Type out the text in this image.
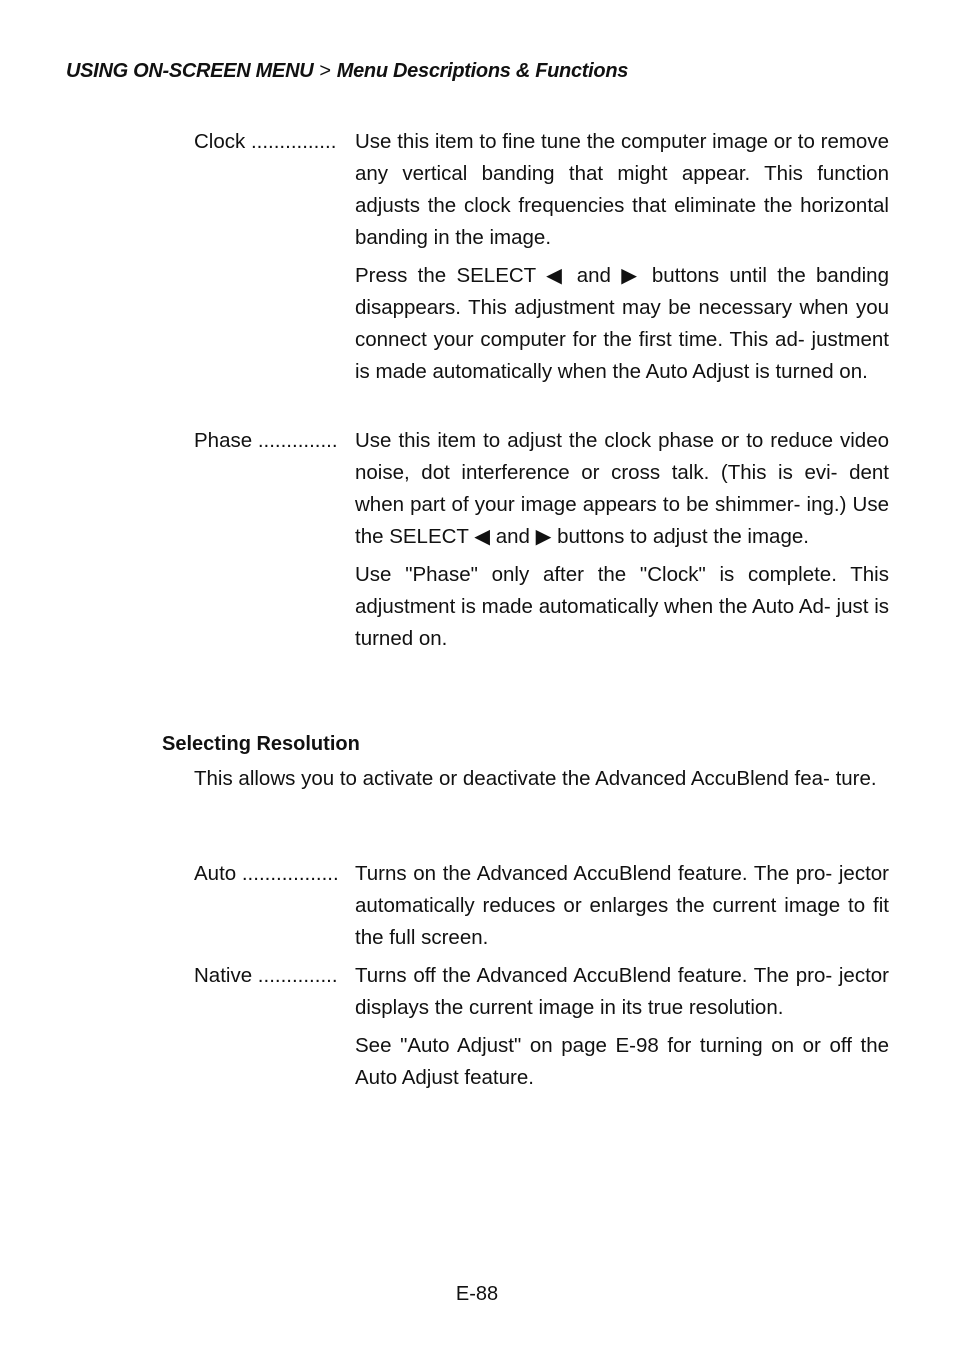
USING ON-SCREEN MENU > Menu Descriptions & Functions
Clock ............... Use this item to fine tune the computer image or to remove any vertical banding that might appear. This function adjusts the clock frequencies that eliminate the horizontal banding in the image.

Press the SELECT ◀ and ▶ buttons until the banding disappears. This adjustment may be necessary when you connect your computer for the first time. This ad- justment is made automatically when the Auto Adjust is turned on.

Phase .............. Use this item to adjust the clock phase or to reduce video noise, dot interference or cross talk. (This is evi- dent when part of your image appears to be shimmer- ing.) Use the SELECT ◀ and ▶ buttons to adjust the image.

Use "Phase" only after the "Clock" is complete. This adjustment is made automatically when the Auto Ad- just is turned on.

Selecting Resolution

This allows you to activate or deactivate the Advanced AccuBlend fea- ture.

Auto ................. Turns on the Advanced AccuBlend feature. The pro- jector automatically reduces or enlarges the current image to fit the full screen.

Native .............. Turns off the Advanced AccuBlend feature. The pro- jector displays the current image in its true resolution.

See "Auto Adjust" on page E-98 for turning on or off the Auto Adjust feature.

E-88
